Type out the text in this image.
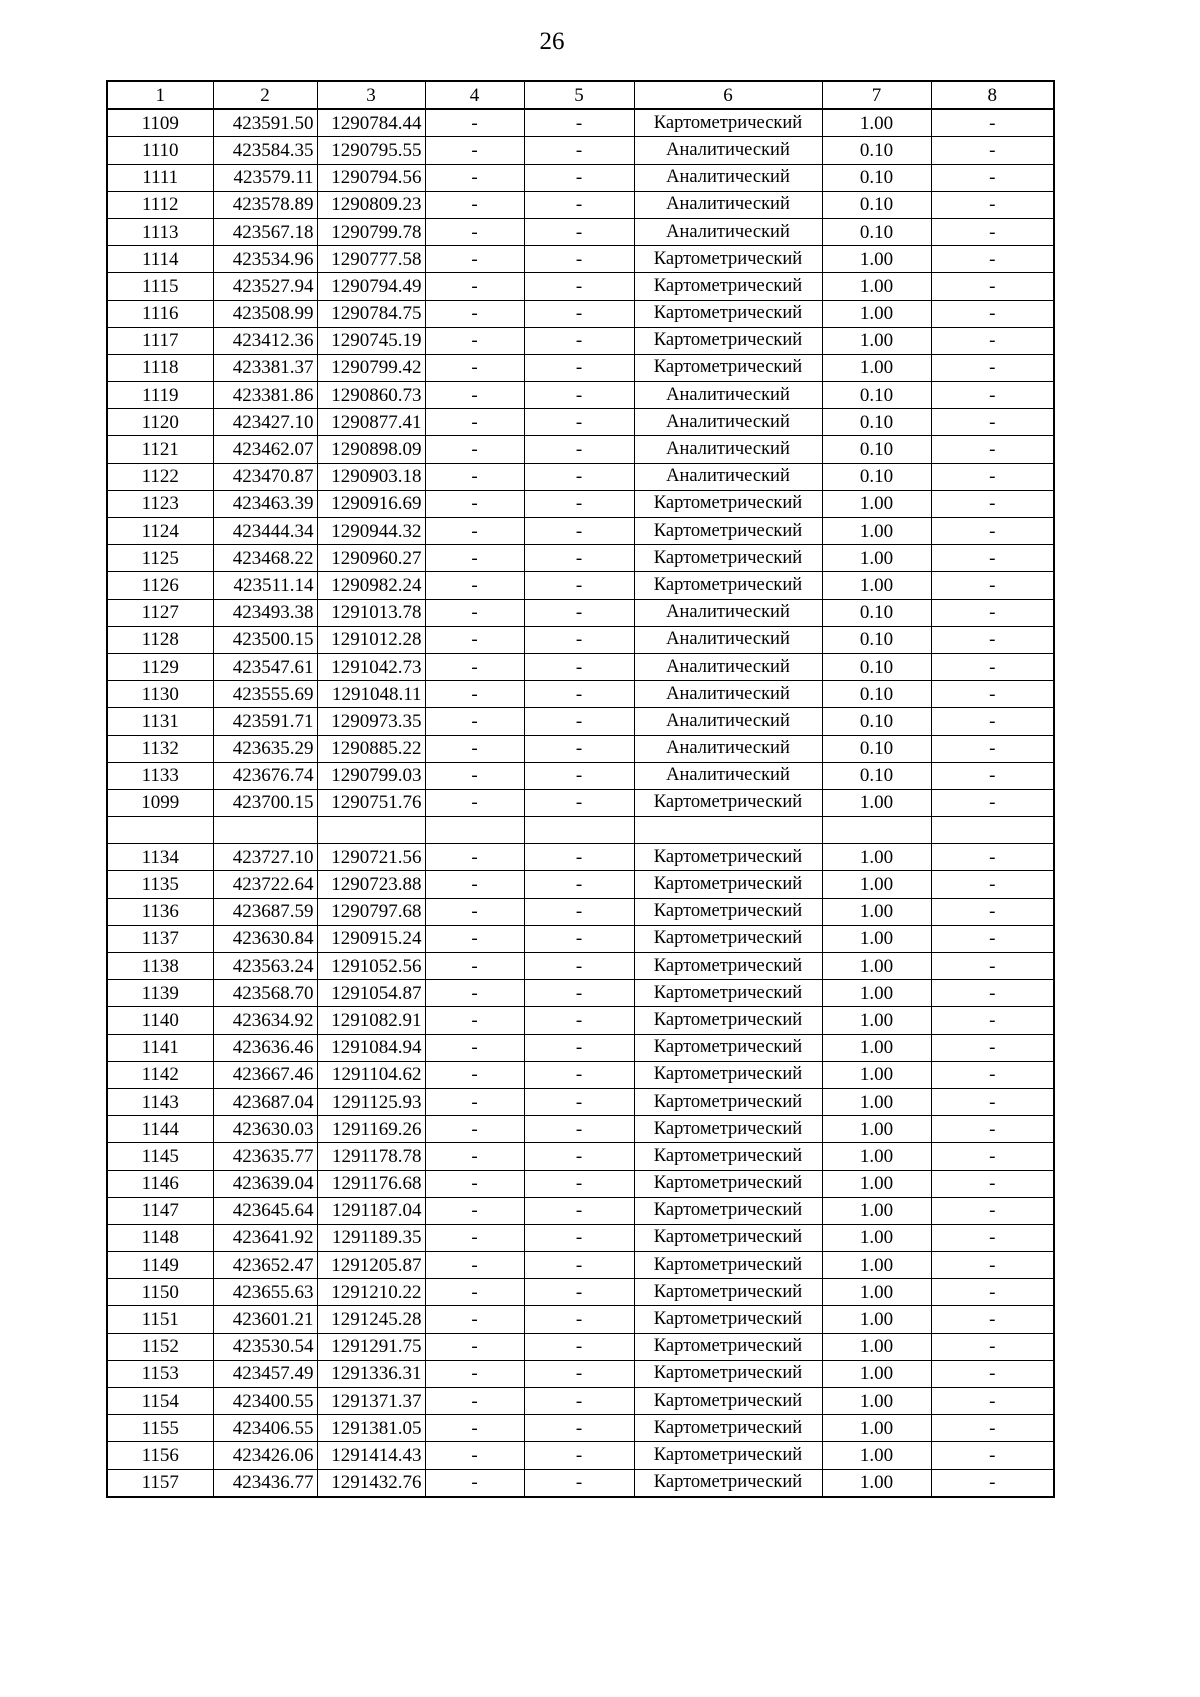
26
1	2	3	4	5	6	7	8
1109	423591.50	1290784.44	-	-	Картометрический	1.00	-
1110	423584.35	1290795.55	-	-	Аналитический	0.10	-
1111	423579.11	1290794.56	-	-	Аналитический	0.10	-
1112	423578.89	1290809.23	-	-	Аналитический	0.10	-
1113	423567.18	1290799.78	-	-	Аналитический	0.10	-
1114	423534.96	1290777.58	-	-	Картометрический	1.00	-
1115	423527.94	1290794.49	-	-	Картометрический	1.00	-
1116	423508.99	1290784.75	-	-	Картометрический	1.00	-
1117	423412.36	1290745.19	-	-	Картометрический	1.00	-
1118	423381.37	1290799.42	-	-	Картометрический	1.00	-
1119	423381.86	1290860.73	-	-	Аналитический	0.10	-
1120	423427.10	1290877.41	-	-	Аналитический	0.10	-
1121	423462.07	1290898.09	-	-	Аналитический	0.10	-
1122	423470.87	1290903.18	-	-	Аналитический	0.10	-
1123	423463.39	1290916.69	-	-	Картометрический	1.00	-
1124	423444.34	1290944.32	-	-	Картометрический	1.00	-
1125	423468.22	1290960.27	-	-	Картометрический	1.00	-
1126	423511.14	1290982.24	-	-	Картометрический	1.00	-
1127	423493.38	1291013.78	-	-	Аналитический	0.10	-
1128	423500.15	1291012.28	-	-	Аналитический	0.10	-
1129	423547.61	1291042.73	-	-	Аналитический	0.10	-
1130	423555.69	1291048.11	-	-	Аналитический	0.10	-
1131	423591.71	1290973.35	-	-	Аналитический	0.10	-
1132	423635.29	1290885.22	-	-	Аналитический	0.10	-
1133	423676.74	1290799.03	-	-	Аналитический	0.10	-
1099	423700.15	1290751.76	-	-	Картометрический	1.00	-

1134	423727.10	1290721.56	-	-	Картометрический	1.00	-
1135	423722.64	1290723.88	-	-	Картометрический	1.00	-
1136	423687.59	1290797.68	-	-	Картометрический	1.00	-
1137	423630.84	1290915.24	-	-	Картометрический	1.00	-
1138	423563.24	1291052.56	-	-	Картометрический	1.00	-
1139	423568.70	1291054.87	-	-	Картометрический	1.00	-
1140	423634.92	1291082.91	-	-	Картометрический	1.00	-
1141	423636.46	1291084.94	-	-	Картометрический	1.00	-
1142	423667.46	1291104.62	-	-	Картометрический	1.00	-
1143	423687.04	1291125.93	-	-	Картометрический	1.00	-
1144	423630.03	1291169.26	-	-	Картометрический	1.00	-
1145	423635.77	1291178.78	-	-	Картометрический	1.00	-
1146	423639.04	1291176.68	-	-	Картометрический	1.00	-
1147	423645.64	1291187.04	-	-	Картометрический	1.00	-
1148	423641.92	1291189.35	-	-	Картометрический	1.00	-
1149	423652.47	1291205.87	-	-	Картометрический	1.00	-
1150	423655.63	1291210.22	-	-	Картометрический	1.00	-
1151	423601.21	1291245.28	-	-	Картометрический	1.00	-
1152	423530.54	1291291.75	-	-	Картометрический	1.00	-
1153	423457.49	1291336.31	-	-	Картометрический	1.00	-
1154	423400.55	1291371.37	-	-	Картометрический	1.00	-
1155	423406.55	1291381.05	-	-	Картометрический	1.00	-
1156	423426.06	1291414.43	-	-	Картометрический	1.00	-
1157	423436.77	1291432.76	-	-	Картометрический	1.00	-
